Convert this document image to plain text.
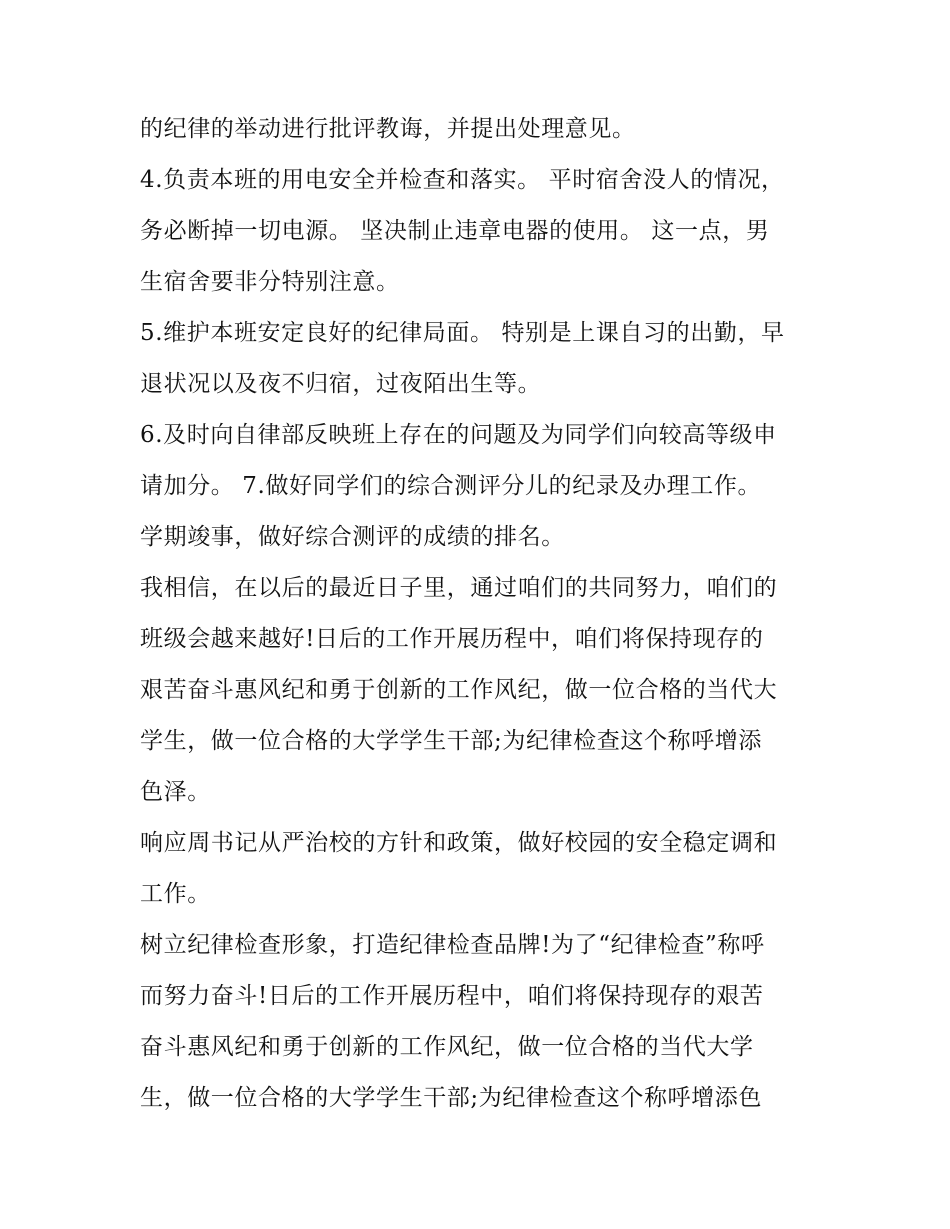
的纪律的举动进行批评教诲，并提出处理意见。
4.负责本班的用电安全并检查和落实。 平时宿舍没人的情况，
务必断掉一切电源。 坚决制止违章电器的使用。 这一点，男
生宿舍要非分特别注意。
5.维护本班安定良好的纪律局面。 特别是上课自习的出勤，早
退状况以及夜不归宿，过夜陌出生等。
6.及时向自律部反映班上存在的问题及为同学们向较高等级申
请加分。 7.做好同学们的综合测评分儿的纪录及办理工作。
学期竣事，做好综合测评的成绩的排名。
我相信，在以后的最近日子里，通过咱们的共同努力，咱们的
班级会越来越好!日后的工作开展历程中，咱们将保持现存的
艰苦奋斗惠风纪和勇于创新的工作风纪，做一位合格的当代大
学生，做一位合格的大学学生干部;为纪律检查这个称呼增添
色泽。
响应周书记从严治校的方针和政策，做好校园的安全稳定调和
工作。
树立纪律检查形象，打造纪律检查品牌!为了“纪律检查”称呼
而努力奋斗!日后的工作开展历程中，咱们将保持现存的艰苦
奋斗惠风纪和勇于创新的工作风纪，做一位合格的当代大学
生，做一位合格的大学学生干部;为纪律检查这个称呼增添色
